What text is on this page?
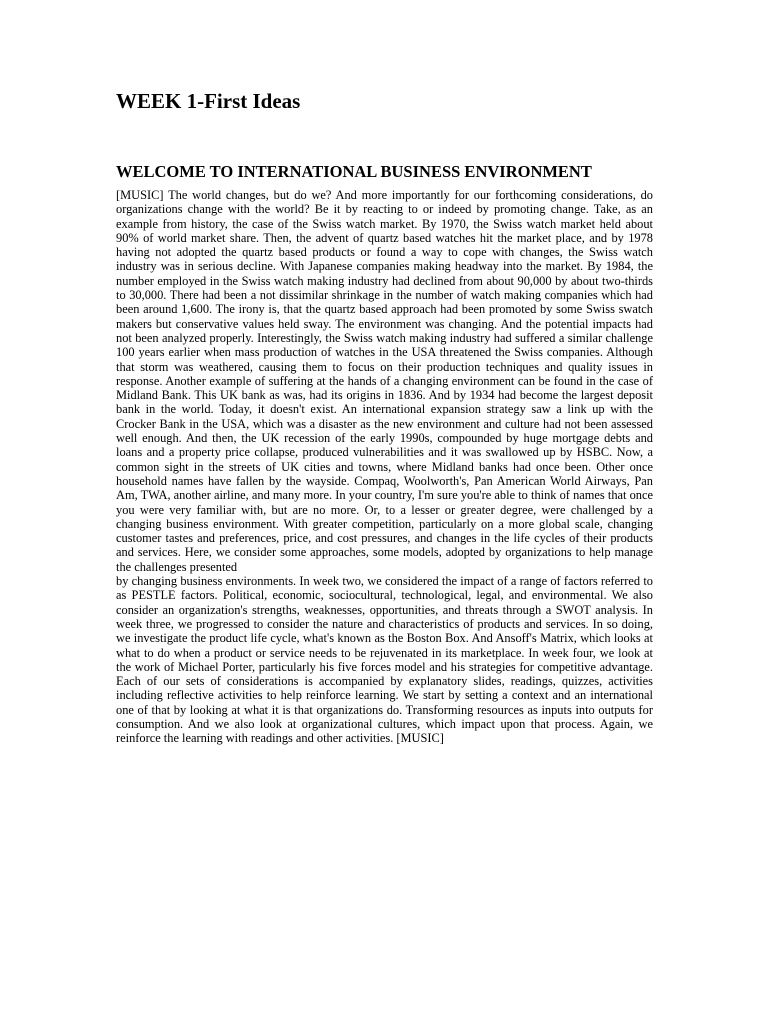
WEEK 1-First Ideas
WELCOME TO INTERNATIONAL BUSINESS ENVIRONMENT
[MUSIC] The world changes, but do we? And more importantly for our forthcoming considerations, do organizations change with the world? Be it by reacting to or indeed by promoting change. Take, as an example from history, the case of the Swiss watch market. By 1970, the Swiss watch market held about 90% of world market share. Then, the advent of quartz based watches hit the market place, and by 1978 having not adopted the quartz based products or found a way to cope with changes, the Swiss watch industry was in serious decline. With Japanese companies making headway into the market. By 1984, the number employed in the Swiss watch making industry had declined from about 90,000 by about two-thirds to 30,000. There had been a not dissimilar shrinkage in the number of watch making companies which had been around 1,600. The irony is, that the quartz based approach had been promoted by some Swiss swatch makers but conservative values held sway. The environment was changing. And the potential impacts had not been analyzed properly. Interestingly, the Swiss watch making industry had suffered a similar challenge 100 years earlier when mass production of watches in the USA threatened the Swiss companies. Although that storm was weathered, causing them to focus on their production techniques and quality issues in response. Another example of suffering at the hands of a changing environment can be found in the case of Midland Bank. This UK bank as was, had its origins in 1836. And by 1934 had become the largest deposit bank in the world. Today, it doesn't exist. An international expansion strategy saw a link up with the Crocker Bank in the USA, which was a disaster as the new environment and culture had not been assessed well enough. And then, the UK recession of the early 1990s, compounded by huge mortgage debts and loans and a property price collapse, produced vulnerabilities and it was swallowed up by HSBC. Now, a common sight in the streets of UK cities and towns, where Midland banks had once been. Other once household names have fallen by the wayside. Compaq, Woolworth's, Pan American World Airways, Pan Am, TWA, another airline, and many more. In your country, I'm sure you're able to think of names that once you were very familiar with, but are no more. Or, to a lesser or greater degree, were challenged by a changing business environment. With greater competition, particularly on a more global scale, changing customer tastes and preferences, price, and cost pressures, and changes in the life cycles of their products and services. Here, we consider some approaches, some models, adopted by organizations to help manage the challenges presented
by changing business environments. In week two, we considered the impact of a range of factors referred to as PESTLE factors. Political, economic, sociocultural, technological, legal, and environmental. We also consider an organization's strengths, weaknesses, opportunities, and threats through a SWOT analysis. In week three, we progressed to consider the nature and characteristics of products and services. In so doing, we investigate the product life cycle, what's known as the Boston Box. And Ansoff's Matrix, which looks at what to do when a product or service needs to be rejuvenated in its marketplace. In week four, we look at the work of Michael Porter, particularly his five forces model and his strategies for competitive advantage. Each of our sets of considerations is accompanied by explanatory slides, readings, quizzes, activities including reflective activities to help reinforce learning. We start by setting a context and an international one of that by looking at what it is that organizations do. Transforming resources as inputs into outputs for consumption. And we also look at organizational cultures, which impact upon that process. Again, we reinforce the learning with readings and other activities. [MUSIC]
